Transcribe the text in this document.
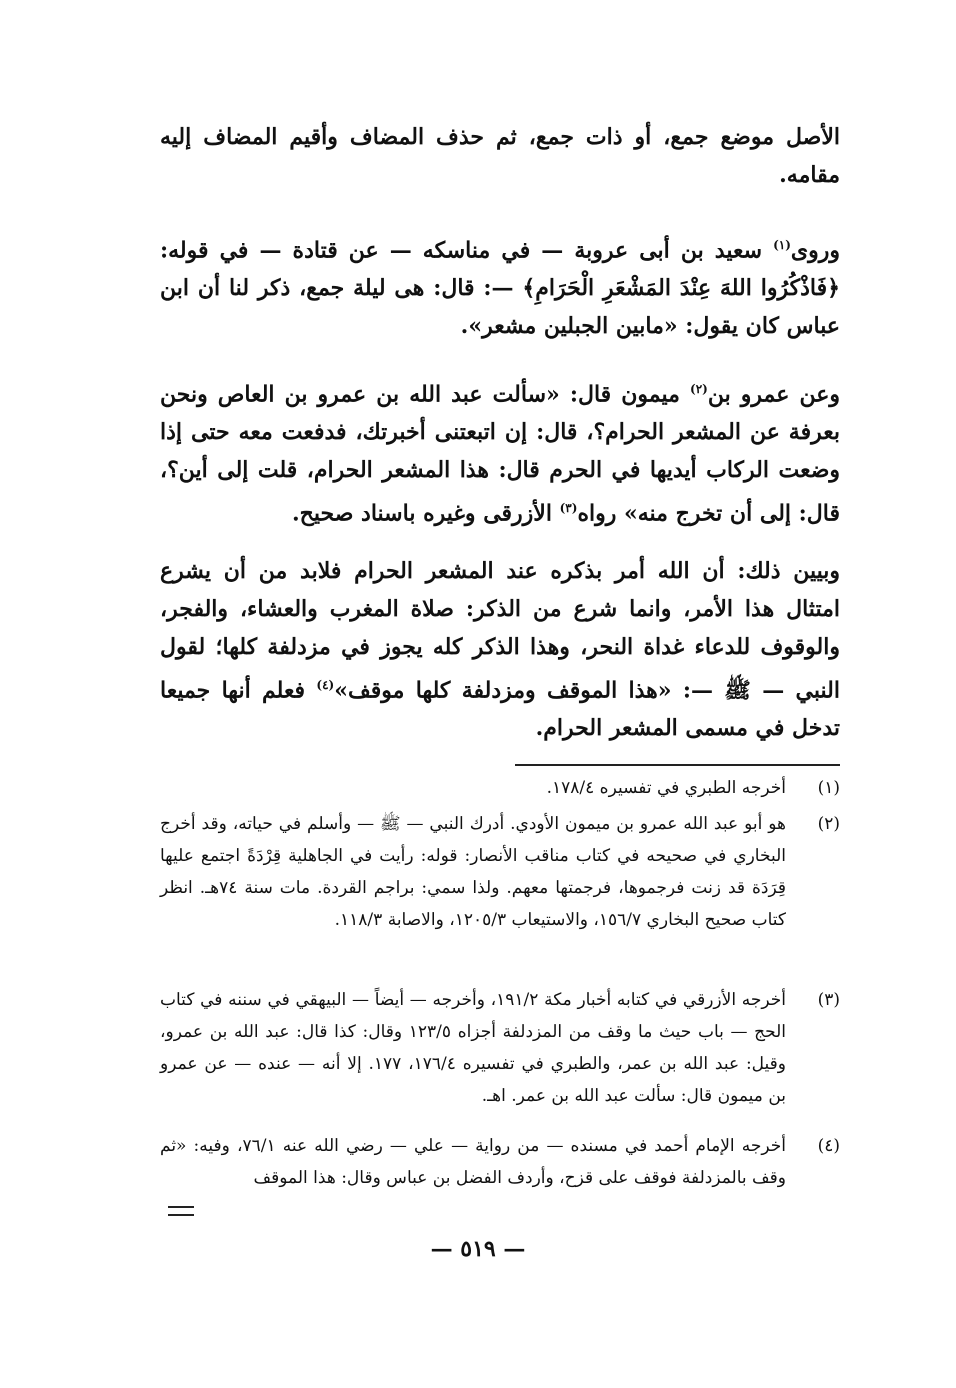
الأصل موضع جمع، أو ذات جمع، ثم حذف المضاف وأقيم المضاف إليه مقامه.

وروى$^{(١)}$ سعيد بن أبى عروبة — في مناسكه — عن قتادة — في قوله: ﴿فَاذْكُرُوا اللهَ عِنْدَ المَشْعَرِ الْحَرَامِ﴾ —: قال: هى ليلة جمع، ذكر لنا أن ابن عباس كان يقول: «مابين الجبلين مشعر».

وعن عمرو بن$^{(٢)}$ ميمون قال: «سألت عبد الله بن عمرو بن العاص ونحن بعرفة عن المشعر الحرام؟، قال: إن اتبعتنى أخبرتك، فدفعت معه حتى إذا وضعت الركاب أيديها في الحرم قال: هذا المشعر الحرام، قلت إلى أين؟، قال: إلى أن تخرج منه» رواه$^{(٣)}$ الأزرقى وغيره باسناد صحيح.

وبيين ذلك: أن الله أمر بذكره عند المشعر الحرام فلابد من أن يشرع امتثال هذا الأمر، وانما شرع من الذكر: صلاة المغرب والعشاء، والفجر، والوقوف للدعاء غداة النحر، وهذا الذكر كله يجوز في مزدلفة كلها؛ لقول النبي — ﷺ —: «هذا الموقف ومزدلفة كلها موقف»$^{(٤)}$ فعلم أنها جميعا تدخل في مسمى المشعر الحرام.

(١)
أخرجه الطبري في تفسيره ١٧٨/٤.

(٢)
هو أبو عبد الله عمرو بن ميمون الأودي. أدرك النبي — ﷺ — وأسلم في حياته، وقد أخرج البخاري في صحيحه في كتاب مناقب الأنصار: قوله: رأيت في الجاهلية قِرْدَةً اجتمع عليها قِرَدَة قد زنت فرجموها، فرجمتها معهم. ولذا سمي: براجم القردة. مات سنة ٧٤هـ. انظر كتاب صحيح البخاري ١٥٦/٧، والاستيعاب ١٢٠٥/٣، والاصابة ١١٨/٣.

(٣)
أخرجه الأزرقي في كتابه أخبار مكة ١٩١/٢، وأخرجه — أيضاً — البيهقي في سننه في كتاب الحج — باب حيث ما وقف من المزدلفة أجزاه ١٢٣/٥ وقال: كذا قال: عبد الله بن عمرو، وقيل: عبد الله بن عمر، والطبري في تفسيره ١٧٦/٤، ١٧٧. إلا أنه — عنده — عن عمرو بن ميمون قال: سألت عبد الله بن عمر. اهـ.

(٤)
أخرجه الإمام أحمد في مسنده — من رواية — علي — رضي الله عنه ٧٦/١، وفيه: «ثم وقف بالمزدلفة فوقف على قزح، وأردف الفضل بن عباس وقال: هذا الموقف

— ٥١٩ —
